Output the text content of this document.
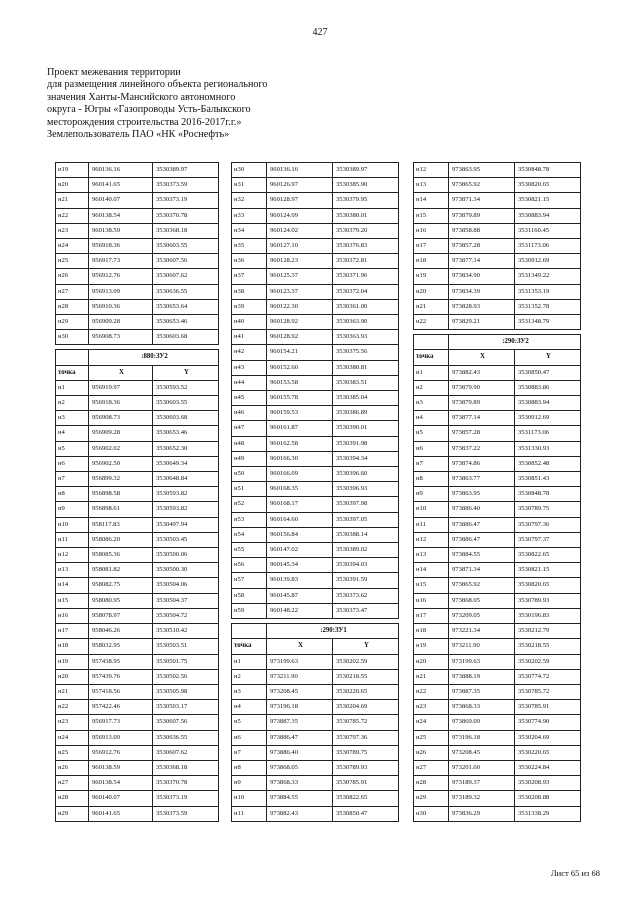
427
Проект межевания территории
для размещения линейного объекта регионального
значения Ханты-Мансийского автономного
округа - Югры «Газопроводы Усть-Балыкского
месторождения строительства 2016-2017г.г.»
Землепользователь ПАО «НК «Роснефть»
н19	960136.16	3530389.97
н20	960141.65	3530373.59
н21	960140.07	3530373.19
н22	960138.54	3530370.78
н23	960138.59	3530368.18
н24	956918.36	3530603.55
н25	956917.73	3530607.56
н26	956912.76	3530607.62
н27	956913.09	3530636.55
н28	956910.36	3530653.64
н29	956909.28	3530653.46
н30	956908.73	3530603.68

	:880:ЗУ2	
точка	X	Y
н1	956919.97	3530593.52
н2	956918.36	3530603.55
н3	956908.73	3530603.68
н4	956909.28	3530653.46
н5	956902.02	3530652.30
н6	956902.50	3530649.34
н7	956899.32	3530648.84
н8	956898.58	3530593.82
н9	956898.61	3530593.82
н10	958117.83	3530497.94
н11	958086.20	3530503.45
н12	958085.36	3530500.06
н13	958081.82	3530500.30
н14	958082.75	3530504.06
н15	958080.95	3530504.37
н16	958078.97	3530504.72
н17	958046.26	3530510.42
н18	958032.95	3530503.51
н19	957438.95	3530501.75
н20	957439.76	3530502.56
н21	957418.56	3530505.98
н22	957422.46	3530503.17
н23	956917.73	3530607.56
н24	956913.09	3530636.55
н25	956912.76	3530607.62
н26	960138.59	3530368.18
н27	960138.54	3530370.78
н28	960140.07	3530373.19
н29	960141.65	3530373.59
н30	960136.16	3530389.97
н31	960126.97	3530385.90
н32	960128.97	3530379.95
н33	960124.09	3530380.01
н34	960124.02	3530379.20
н35	960127.10	3530376.83
н36	960128.23	3530372.81
н37	960125.37	3530371.96
н38	960123.37	3530372.04
н39	960122.30	3530361.00
н40	960128.92	3530363.90
н41	960128.92	3530363.93
н42	960154.21	3530375.56
н43	960152.60	3530380.81
н44	960153.58	3530383.51
н45	960155.78	3530385.04
н46	960159.53	3530386.89
н47	960161.87	3530390.01
н48	960162.58	3530391.98
н49	960166.30	3530394.34
н50	960166.09	3530396.60
н51	960168.35	3530396.93
н52	960168.17	3530397.98
н53	960164.60	3530397.05
н54	960156.84	3530388.14
н55	960147.02	3530389.02
н56	960145.34	3530394.03
н57	960139.83	3530391.59
н58	960145.87	3530373.62
н59	960148.22	3530373.47

	:290:ЗУ1	
точка	X	Y
н1	973199.63	3530202.59
н2	973211.90	3530218.55
н3	973208.45	3530220.65
н4	973196.18	3530204.69
н5	973887.35	3530785.72
н6	973886.47	3530797.36
н7	973886.40	3530789.75
н8	973868.05	3530789.93
н9	973868.33	3530785.91
н10	973884.55	3530822.65
н11	973882.43	3530850.47
н12	973863.95	3530848.78
н13	973865.92	3530820.65
н14	973871.34	3530821.15
н15	973879.89	3530883.94
н16	973858.88	3531160.45
н17	973857.28	3531173.06
н18	973877.14	3530912.69
н19	973834.90	3531349.22
н20	973834.39	3531353.19
н21	973828.93	3531352.78
н22	973829.21	3531348.79

	:290:ЗУ2	
точка	X	Y
н1	973882.43	3530850.47
н2	973879.90	3530883.86
н3	973879.89	3530883.94
н4	973877.14	3530912.69
н5	973857.28	3531173.06
н6	973837.22	3531330.93
н7	973874.86	3530852.48
н8	973863.77	3530851.43
н9	973863.95	3530848.78
н10	973886.40	3530789.75
н11	973886.47	3530797.36
н12	973886.47	3530797.37
н13	973884.55	3530822.65
н14	973871.34	3530821.15
н15	973865.92	3530820.65
н16	973868.05	3530789.93
н17	973209.05	3530196.83
н18	973221.34	3530212.79
н19	973211.90	3530218.55
н20	973199.63	3530202.59
н21	973888.19	3530774.72
н22	973887.35	3530785.72
н23	973868.33	3530785.91
н24	973869.09	3530774.90
н25	973196.18	3530204.69
н26	973208.45	3530220.65
н27	973201.60	3530224.84
н28	973189.37	3530208.93
н29	973189.32	3530208.88
н30	973836.29	3531338.29
Лист 65 из 68
